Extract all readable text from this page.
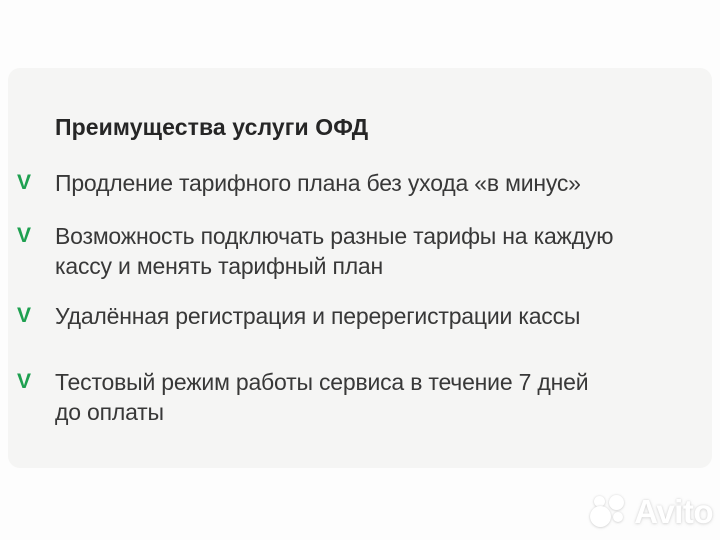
Преимущества услуги ОФД
V	Продление тарифного плана без ухода «в минус»
V	Возможность подключать разные тарифы на каждую
кассу и менять тарифный план
V	Удалённая регистрация и перерегистрации кассы
V	Тестовый режим работы сервиса в течение 7 дней
до оплаты
Avito
